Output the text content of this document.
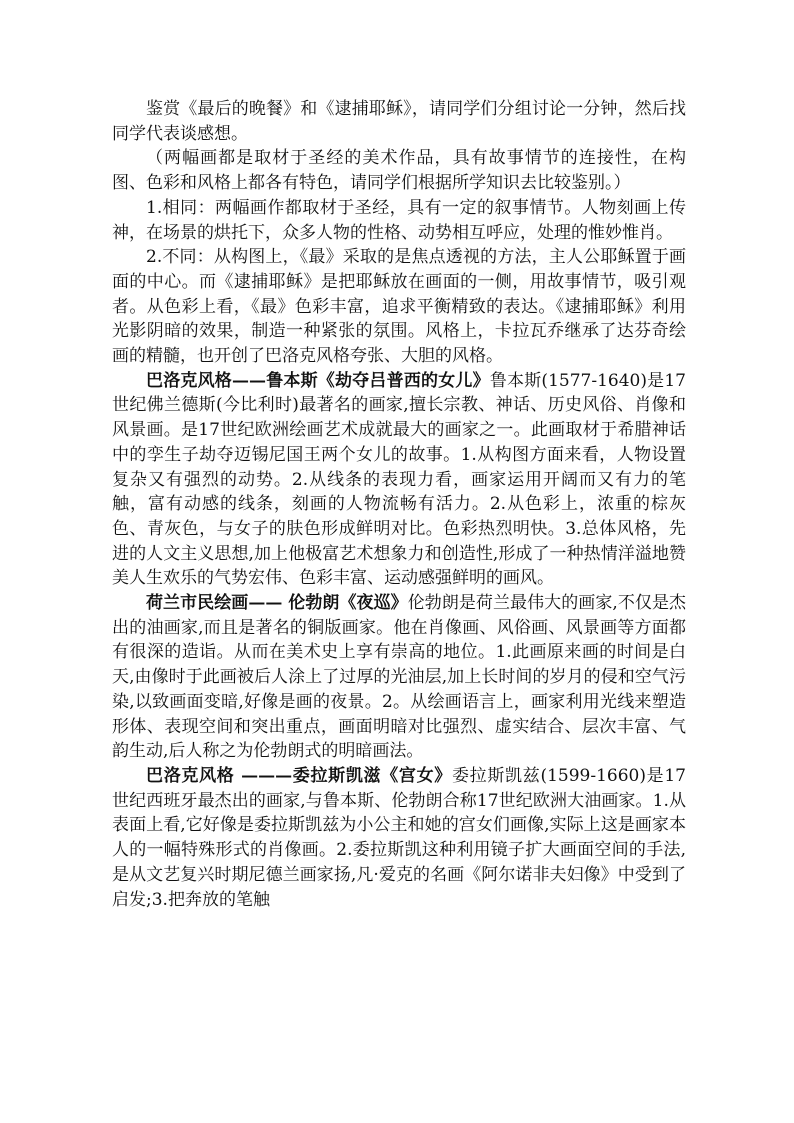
鉴赏《最后的晚餐》和《逮捕耶稣》，请同学们分组讨论一分钟，然后找同学代表谈感想。

（两幅画都是取材于圣经的美术作品，具有故事情节的连接性，在构图、色彩和风格上都各有特色，请同学们根据所学知识去比较鉴别。）

1.相同：两幅画作都取材于圣经，具有一定的叙事情节。人物刻画上传神，在场景的烘托下，众多人物的性格、动势相互呼应，处理的惟妙惟肖。

2.不同：从构图上，《最》采取的是焦点透视的方法，主人公耶稣置于画面的中心。而《逮捕耶稣》是把耶稣放在画面的一侧，用故事情节，吸引观者。从色彩上看，《最》色彩丰富，追求平衡精致的表达。《逮捕耶稣》利用光影阴暗的效果，制造一种紧张的氛围。风格上，卡拉瓦乔继承了达芬奇绘画的精髓，也开创了巴洛克风格夸张、大胆的风格。

巴洛克风格——鲁本斯《劫夺吕普西的女儿》鲁本斯(1577-1640)是17世纪佛兰德斯(今比利时)最著名的画家,擅长宗教、神话、历史风俗、肖像和风景画。是17世纪欧洲绘画艺术成就最大的画家之一。此画取材于希腊神话中的孪生子劫夺迈锡尼国王两个女儿的故事。1.从构图方面来看，人物设置复杂又有强烈的动势。2.从线条的表现力看，画家运用开阔而又有力的笔触，富有动感的线条，刻画的人物流畅有活力。2.从色彩上，浓重的棕灰色、青灰色，与女子的肤色形成鲜明对比。色彩热烈明快。3.总体风格，先进的人文主义思想,加上他极富艺术想象力和创造性,形成了一种热情洋溢地赞美人生欢乐的气势宏伟、色彩丰富、运动感强鲜明的画风。

荷兰市民绘画—— 伦勃朗《夜巡》伦勃朗是荷兰最伟大的画家,不仅是杰出的油画家,而且是著名的铜版画家。他在肖像画、风俗画、风景画等方面都有很深的造诣。从而在美术史上享有崇高的地位。1.此画原来画的时间是白天,由像时于此画被后人涂上了过厚的光油层,加上长时间的岁月的侵和空气污染,以致画面变暗,好像是画的夜景。2。从绘画语言上，画家利用光线来塑造形体、表现空间和突出重点，画面明暗对比强烈、虚实结合、层次丰富、气韵生动,后人称之为伦勃朗式的明暗画法。

巴洛克风格 ———委拉斯凯滋《宫女》委拉斯凯兹(1599-1660)是17世纪西班牙最杰出的画家,与鲁本斯、伦勃朗合称17世纪欧洲大油画家。1.从表面上看,它好像是委拉斯凯兹为小公主和她的宫女们画像,实际上这是画家本人的一幅特殊形式的肖像画。2.委拉斯凯这种利用镜子扩大画面空间的手法,是从文艺复兴时期尼德兰画家扬,凡·爱克的名画《阿尔诺非夫妇像》中受到了启发;3.把奔放的笔触
